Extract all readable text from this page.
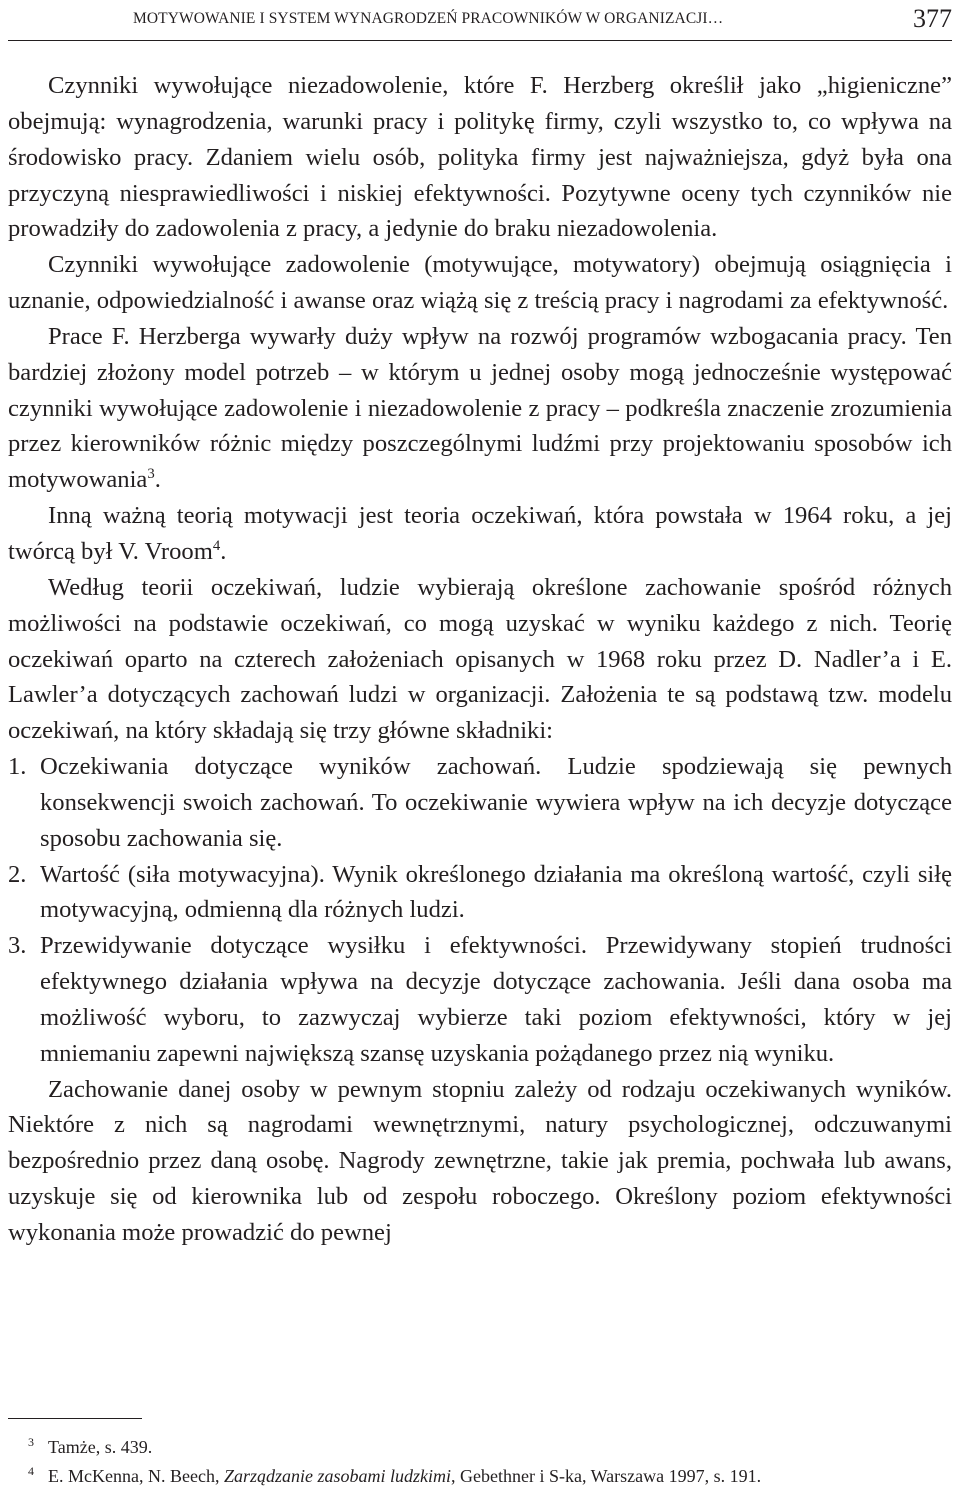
MOTYWOWANIE I SYSTEM WYNAGRODZEŃ PRACOWNIKÓW W ORGANIZACJI…	377

Czynniki wywołujące niezadowolenie, które F. Herzberg określił jako „higieniczne” obejmują: wynagrodzenia, warunki pracy i politykę firmy, czyli wszystko to, co wpływa na środowisko pracy. Zdaniem wielu osób, polityka firmy jest najważniejsza, gdyż była ona przyczyną niesprawiedliwości i niskiej efektywności. Pozytywne oceny tych czynników nie prowadziły do zadowolenia z pracy, a jedynie do braku niezadowolenia.

Czynniki wywołujące zadowolenie (motywujące, motywatory) obejmują osiągnięcia i uznanie, odpowiedzialność i awanse oraz wiążą się z treścią pracy i nagrodami za efektywność.

Prace F. Herzberga wywarły duży wpływ na rozwój programów wzbogacania pracy. Ten bardziej złożony model potrzeb – w którym u jednej osoby mogą jednocześnie występować czynniki wywołujące zadowolenie i niezadowolenie z pracy – podkreśla znaczenie zrozumienia przez kierowników różnic między poszczególnymi ludźmi przy projektowaniu sposobów ich motywowania$^3$.

Inną ważną teorią motywacji jest teoria oczekiwań, która powstała w 1964 roku, a jej twórcą był V. Vroom$^4$.

Według teorii oczekiwań, ludzie wybierają określone zachowanie spośród różnych możliwości na podstawie oczekiwań, co mogą uzyskać w wyniku każdego z nich. Teorię oczekiwań oparto na czterech założeniach opisanych w 1968 roku przez D. Nadler’a i E. Lawler’a dotyczących zachowań ludzi w organizacji. Założenia te są podstawą tzw. modelu oczekiwań, na który składają się trzy główne składniki:

1. Oczekiwania dotyczące wyników zachowań. Ludzie spodziewają się pewnych konsekwencji swoich zachowań. To oczekiwanie wywiera wpływ na ich decyzje dotyczące sposobu zachowania się.
2. Wartość (siła motywacyjna). Wynik określonego działania ma określoną wartość, czyli siłę motywacyjną, odmienną dla różnych ludzi.
3. Przewidywanie dotyczące wysiłku i efektywności. Przewidywany stopień trudności efektywnego działania wpływa na decyzje dotyczące zachowania. Jeśli dana osoba ma możliwość wyboru, to zazwyczaj wybierze taki poziom efektywności, który w jej mniemaniu zapewni największą szansę uzyskania pożądanego przez nią wyniku.

Zachowanie danej osoby w pewnym stopniu zależy od rodzaju oczekiwanych wyników. Niektóre z nich są nagrodami wewnętrznymi, natury psychologicznej, odczuwanymi bezpośrednio przez daną osobę. Nagrody zewnętrzne, takie jak premia, pochwała lub awans, uzyskuje się od kierownika lub od zespołu roboczego. Określony poziom efektywności wykonania może prowadzić do pewnej

3 Tamże, s. 439.
4 E. McKenna, N. Beech, Zarządzanie zasobami ludzkimi, Gebethner i S-ka, Warszawa 1997, s. 191.
